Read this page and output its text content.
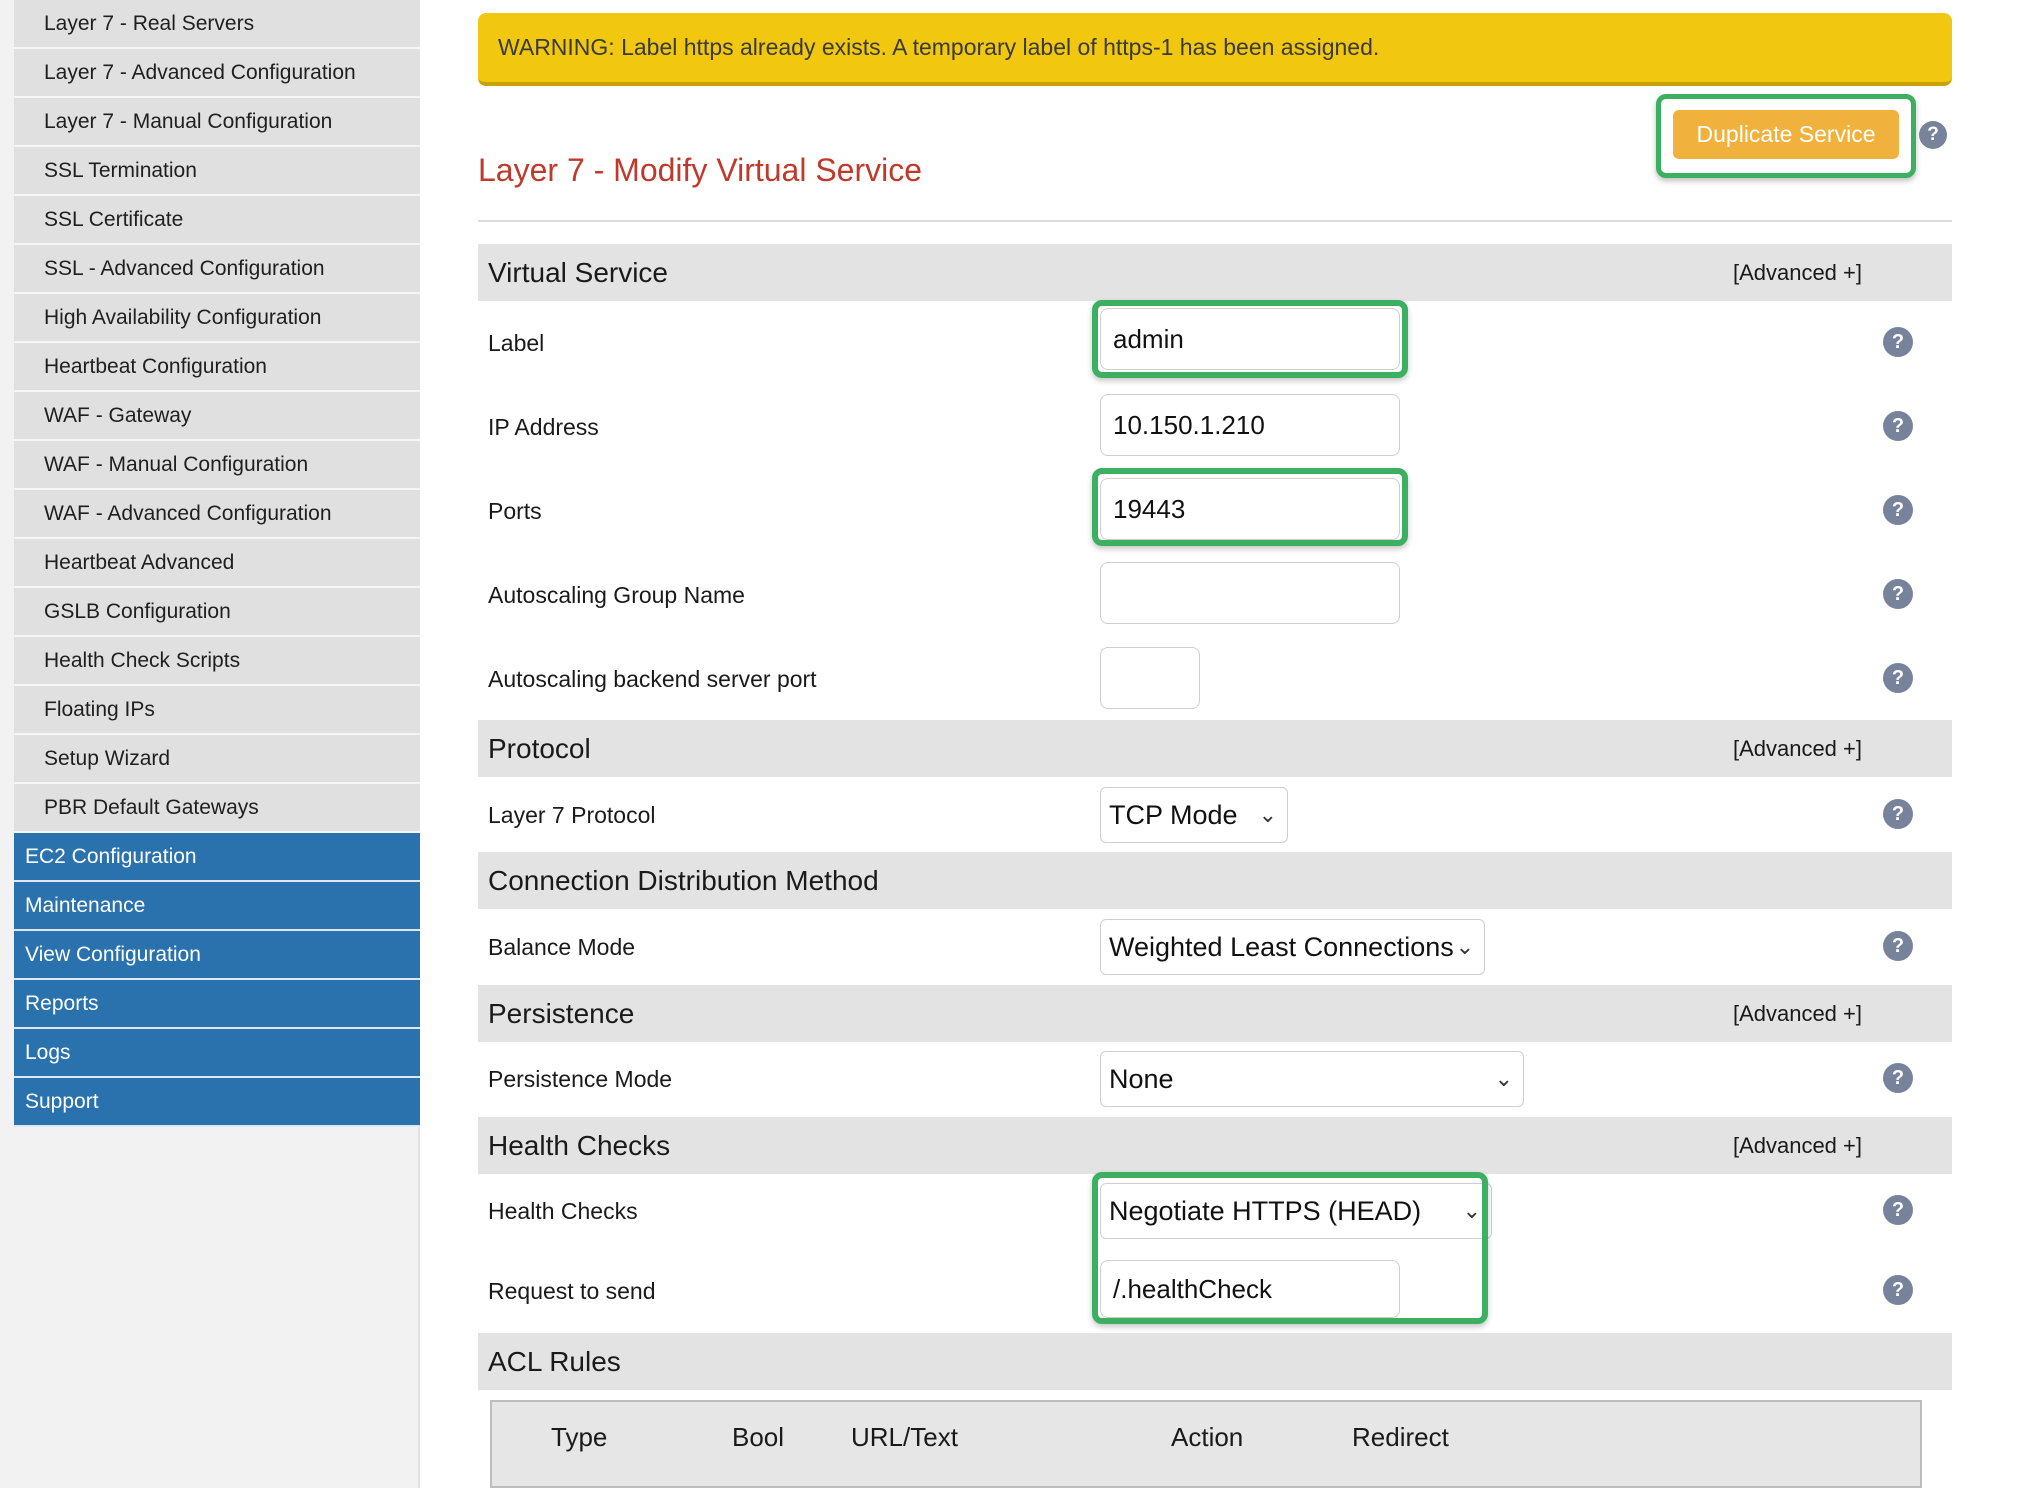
Layer 7 - Real Servers
Layer 7 - Advanced Configuration
Layer 7 - Manual Configuration
SSL Termination
SSL Certificate
SSL - Advanced Configuration
High Availability Configuration
Heartbeat Configuration
WAF - Gateway
WAF - Manual Configuration
WAF - Advanced Configuration
Heartbeat Advanced
GSLB Configuration
Health Check Scripts
Floating IPs
Setup Wizard
PBR Default Gateways
EC2 Configuration
Maintenance
View Configuration
Reports
Logs
Support
WARNING: Label https already exists. A temporary label of https-1 has been assigned.
Duplicate Service	?
Layer 7 - Modify Virtual Service
Virtual Service	[Advanced +]
Label	admin	?
IP Address	10.150.1.210	?
Ports	19443	?
Autoscaling Group Name	?
Autoscaling backend server port	?
Protocol	[Advanced +]
Layer 7 Protocol	TCP Mode ⌄	?
Connection Distribution Method
Balance Mode	Weighted Least Connections ⌄	?
Persistence	[Advanced +]
Persistence Mode	None	⌄	?
Health Checks	[Advanced +]
Health Checks	Negotiate HTTPS (HEAD) ⌄	?
Request to send	/.healthCheck	?
ACL Rules
Type	Bool	URL/Text	Action	Redirect
